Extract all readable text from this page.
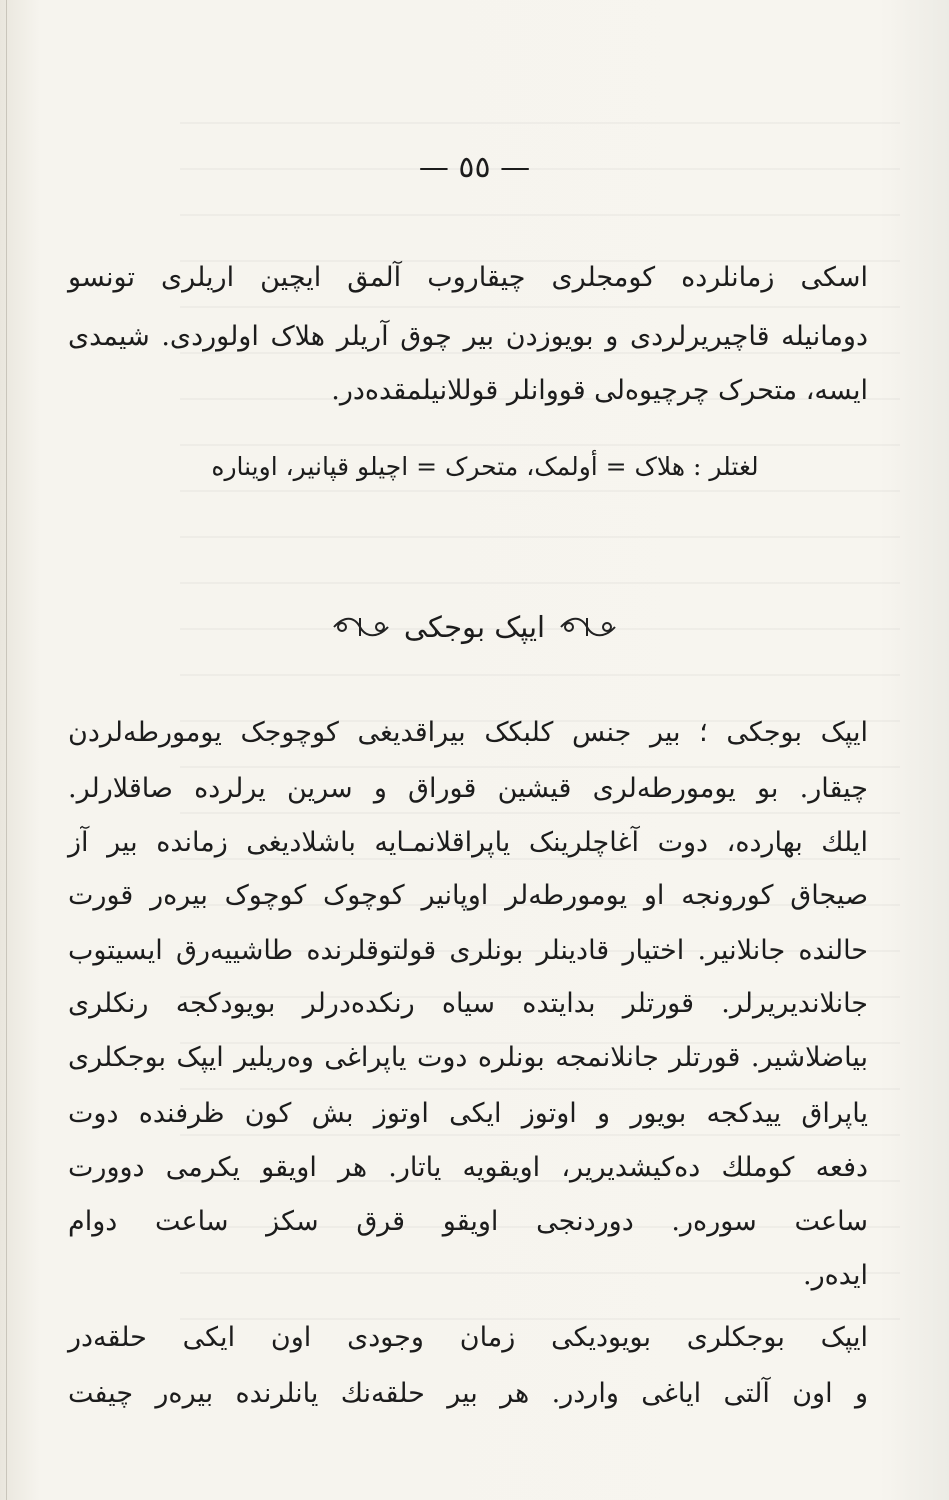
— ٥٥ —
اسکی زمانلرده کومجلری چیقاروب آلمق ایچین اریلری تونسو
دومانیله قاچیریرلردی و بویوزدن بیر چوق آریلر هلاک اولوردی. شیمدی
ایسه‌، متحرک چرچیوه‌لی قووانلر قوللانیلمقده‌در.
لغتلر : هلاک = أولمک، متحرک = اچیلو قپانیر، اویناره
ایپک بوجکی
ایپک بوجکی ؛ بیر جنس کلبکک بیراقدیغی کوچوجک یومورطه‌لردن
چیقار. بو یومورطه‌لری قیشین قوراق و سرین یرلرده صاقلارلر.
ایلك بهارده، دوت آغاچلرینک یاپراقلانمـایه باشلادیغی زمانده بیر آز
صیجاق کورونجه او یومورطه‌لر اوپانیر کوچوک کوچوک بیره‌ر قورت
حالنده جانلانیر. اختیار قادینلر بونلری قولتوقلرنده طاشییه‌رق ایسیتوب
جانلاندیریرلر. قورتلر بدایتده سیاه رنکده‌درلر بویودکجه رنکلری
بیاضلاشیر. قورتلر جانلانمجه بونلره دوت یاپراغی وه‌ریلیر ایپک بوجکلری
یاپراق ییدکجه بویور و اوتوز ایکی اوتوز بش کون ظرفنده دوت
دفعه کوملك ده‌کیشدیریر، اویقویه یاتار. هر اویقو یکرمی دوورت
ساعت سوره‌ر. دوردنجی اویقو قرق سکز ساعت دوام
ایده‌ر.
ایپک بوجکلری بویودیکی زمان وجودی اون ایکی حلقه‌در
و اون آلتی ایاغی واردر. هر بیر حلقه‌نك یانلرنده بیره‌ر چیفت
